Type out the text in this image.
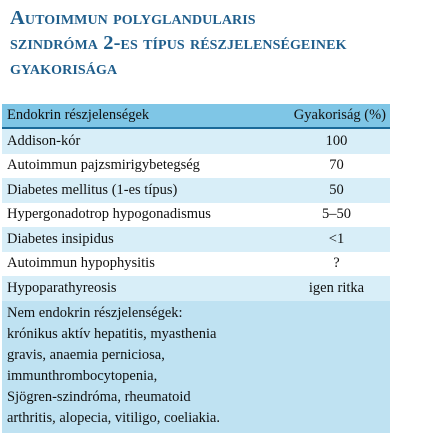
Autoimmun polyglandularis
szindróma 2-es típus részjelenségeinek
gyakorisága
Endokrin részjelenségek	Gyakoriság (%)
Addison-kór	100
Autoimmun pajzsmirigybetegség	70
Diabetes mellitus (1-es típus)	50
Hypergonadotrop hypogonadismus	5–50
Diabetes insipidus	<1
Autoimmun hypophysitis	?
Hypoparathyreosis	igen ritka
Nem endokrin részjelenségek:
krónikus aktív hepatitis, myasthenia
gravis, anaemia perniciosa,
immunthrombocytopenia,
Sjögren-szindróma, rheumatoid
arthritis, alopecia, vitiligo, coeliakia.
